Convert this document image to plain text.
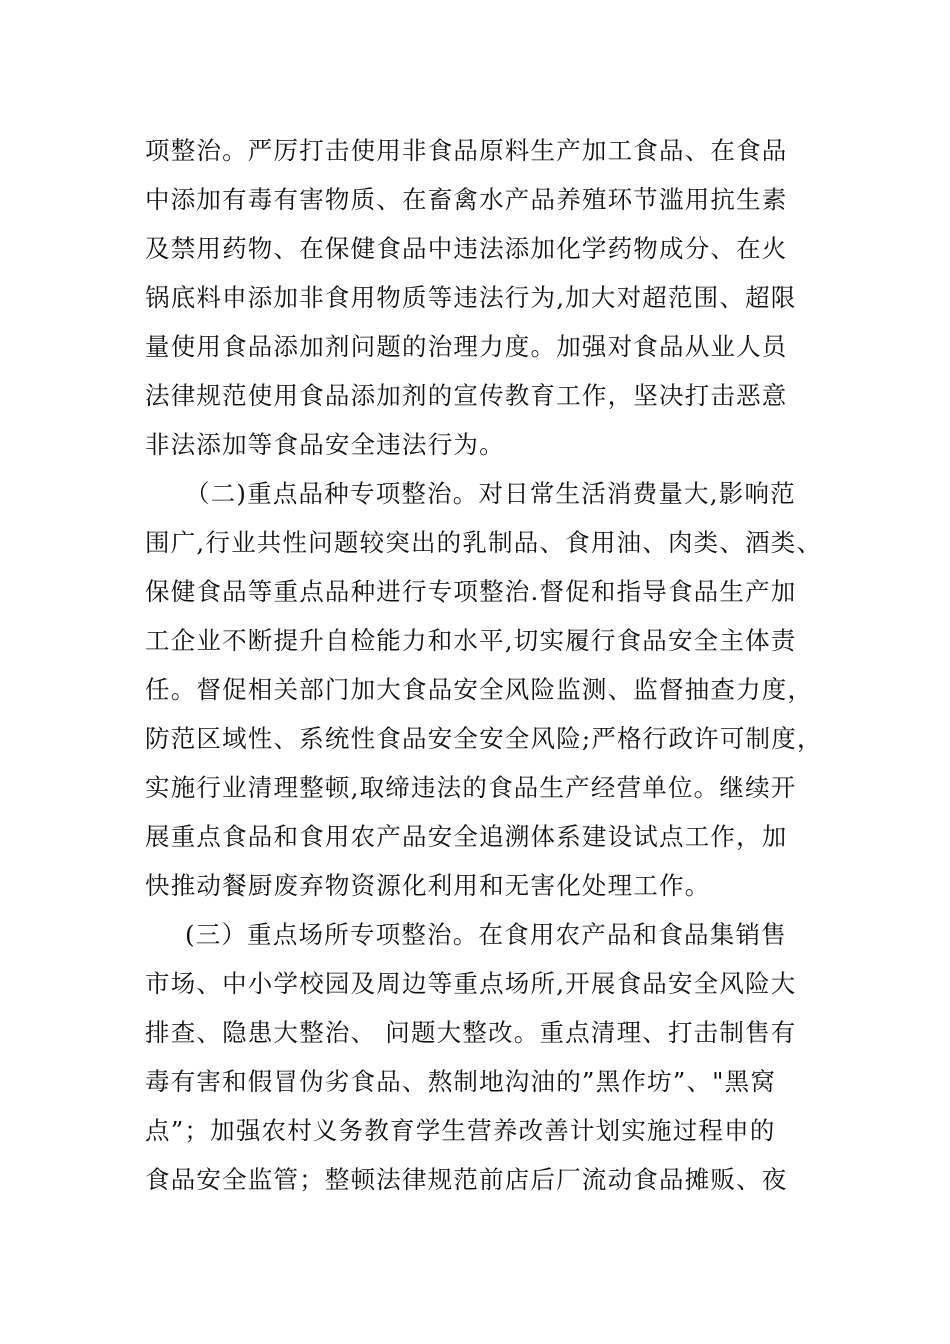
项整治。严厉打击使用非食品原料生产加工食品、在食品
中添加有毒有害物质、在畜禽水产品养殖环节滥用抗生素
及禁用药物、在保健食品中违法添加化学药物成分、在火
锅底料申添加非食用物质等违法行为,加大对超范围、超限
量使用食品添加剂问题的治理力度。加强对食品从业人员
法律规范使用食品添加剂的宣传教育工作，坚决打击恶意
非法添加等食品安全违法行为。
（二)重点品种专项整治。对日常生活消费量大,影响范
围广,行业共性问题较突出的乳制品、食用油、肉类、酒类、
保健食品等重点品种进行专项整治.督促和指导食品生产加
工企业不断提升自检能力和水平,切实履行食品安全主体责
任。督促相关部门加大食品安全风险监测、监督抽查力度，
防范区域性、系统性食品安全安全风险;严格行政许可制度，
实施行业清理整顿,取缔违法的食品生产经营单位。继续开
展重点食品和食用农产品安全追溯体系建设试点工作，加
快推动餐厨废弃物资源化利用和无害化处理工作。
(三）重点场所专项整治。在食用农产品和食品集销售
市场、中小学校园及周边等重点场所,开展食品安全风险大
排查、隐患大整治、 问题大整改。重点清理、打击制售有
毒有害和假冒伪劣食品、熬制地沟油的”黑作坊”、"黑窝
点”；加强农村义务教育学生营养改善计划实施过程申的
食品安全监管；整顿法律规范前店后厂流动食品摊贩、夜
